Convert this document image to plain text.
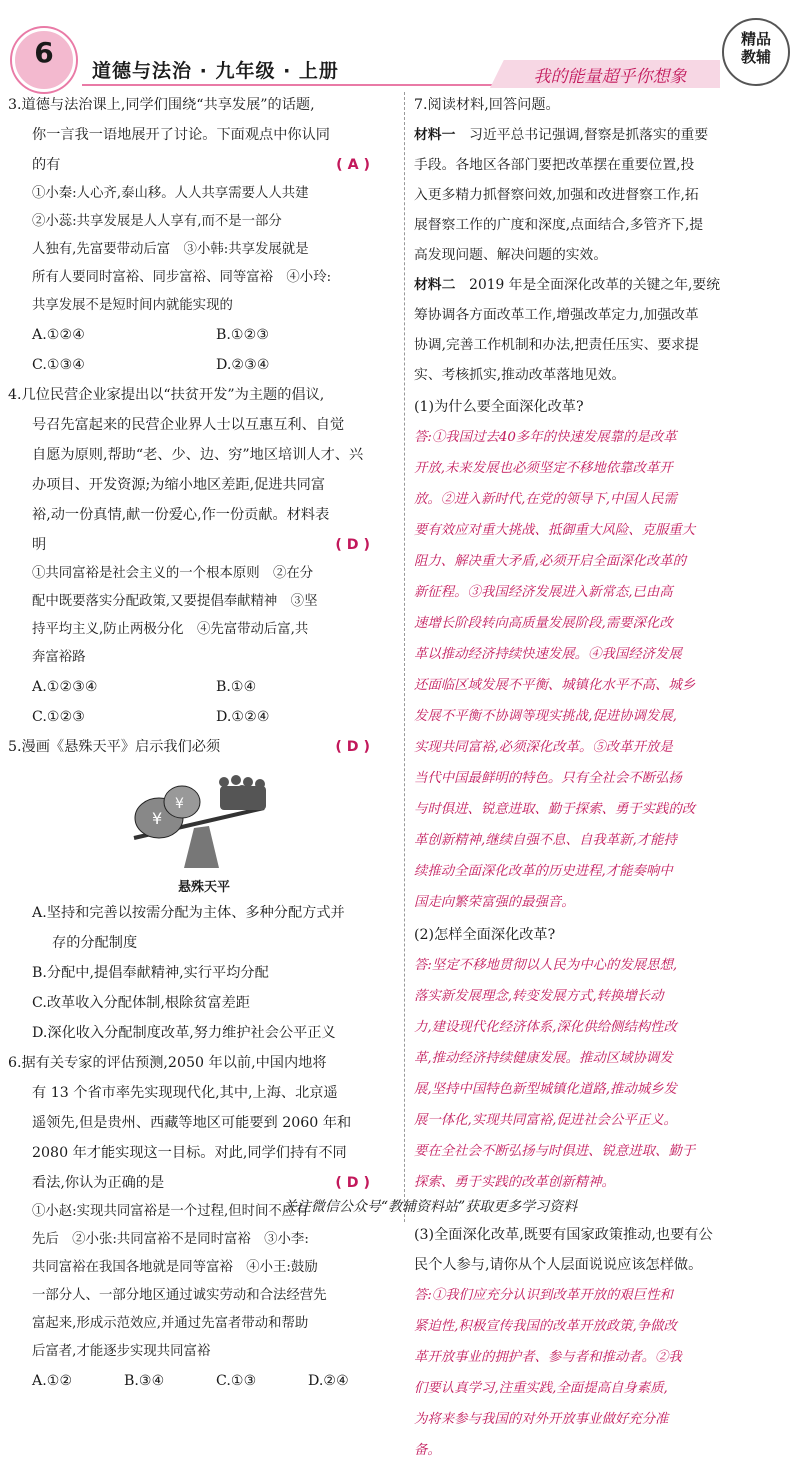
6
道德与法治 · 九年级 · 上册	我的能量超乎你想象
精品
教辅

3.道德与法治课上,同学们围绕“共享发展”的话题,

你一言我一语地展开了讨论。下面观点中你认同

的有	( A )

①小秦:人心齐,泰山移。人人共享需要人人共建

②小蕊:共享发展是人人享有,而不是一部分

人独有,先富要带动后富　③小韩:共享发展就是

所有人要同时富裕、同步富裕、同等富裕　④小玲:

共享发展不是短时间内就能实现的

A.①②④	B.①②③
C.①③④	D.②③④

4.几位民营企业家提出以“扶贫开发”为主题的倡议,

号召先富起来的民营企业界人士以互惠互利、自觉

自愿为原则,帮助“老、少、边、穷”地区培训人才、兴

办项目、开发资源;为缩小地区差距,促进共同富

裕,动一份真情,献一份爱心,作一份贡献。材料表

明	( D )

①共同富裕是社会主义的一个根本原则　②在分

配中既要落实分配政策,又要提倡奉献精神　③坚

持平均主义,防止两极分化　④先富带动后富,共

奔富裕路

A.①②③④	B.①④
C.①②③	D.①②④

5.漫画《悬殊天平》启示我们必须	( D )

¥
¥
悬殊天平

A.坚持和完善以按需分配为主体、多种分配方式并

存的分配制度

B.分配中,提倡奉献精神,实行平均分配

C.改革收入分配体制,根除贫富差距

D.深化收入分配制度改革,努力维护社会公平正义

6.据有关专家的评估预测,2050 年以前,中国内地将

有 13 个省市率先实现现代化,其中,上海、北京遥

遥领先,但是贵州、西藏等地区可能要到 2060 年和

2080 年才能实现这一目标。对此,同学们持有不同

看法,你认为正确的是	( D )

①小赵:实现共同富裕是一个过程,但时间不应有

先后　②小张:共同富裕不是同时富裕　③小李:

共同富裕在我国各地就是同等富裕　④小王:鼓励

一部分人、一部分地区通过诚实劳动和合法经营先

富起来,形成示范效应,并通过先富者带动和帮助

后富者,才能逐步实现共同富裕

A.①②	B.③④	C.①③	D.②④

7.阅读材料,回答问题。

材料一　习近平总书记强调,督察是抓落实的重要
手段。各地区各部门要把改革摆在重要位置,投
入更多精力抓督察问效,加强和改进督察工作,拓
展督察工作的广度和深度,点面结合,多管齐下,提
高发现问题、解决问题的实效。
材料二　2019 年是全面深化改革的关键之年,要统
筹协调各方面改革工作,增强改革定力,加强改革
协调,完善工作机制和办法,把责任压实、要求提
实、考核抓实,推动改革落地见效。

(1)为什么要全面深化改革?

答:①我国过去40多年的快速发展靠的是改革
开放,未来发展也必须坚定不移地依靠改革开
放。②进入新时代,在党的领导下,中国人民需
要有效应对重大挑战、抵御重大风险、克服重大
阻力、解决重大矛盾,必须开启全面深化改革的
新征程。③我国经济发展进入新常态,已由高
速增长阶段转向高质量发展阶段,需要深化改
革以推动经济持续快速发展。④我国经济发展
还面临区域发展不平衡、城镇化水平不高、城乡
发展不平衡不协调等现实挑战,促进协调发展,
实现共同富裕,必须深化改革。⑤改革开放是
当代中国最鲜明的特色。只有全社会不断弘扬
与时俱进、锐意进取、勤于探索、勇于实践的改
革创新精神,继续自强不息、自我革新,才能持
续推动全面深化改革的历史进程,才能奏响中
国走向繁荣富强的最强音。

(2)怎样全面深化改革?

答:坚定不移地贯彻以人民为中心的发展思想,
落实新发展理念,转变发展方式,转换增长动
力,建设现代化经济体系,深化供给侧结构性改
革,推动经济持续健康发展。推动区域协调发
展,坚持中国特色新型城镇化道路,推动城乡发
展一体化,实现共同富裕,促进社会公平正义。
要在全社会不断弘扬与时俱进、锐意进取、勤于
探索、勇于实践的改革创新精神。

(3)全面深化改革,既要有国家政策推动,也要有公

民个人参与,请你从个人层面说说应该怎样做。

答:①我们应充分认识到改革开放的艰巨性和
紧迫性,积极宣传我国的改革开放政策,争做改
革开放事业的拥护者、参与者和推动者。②我
们要认真学习,注重实践,全面提高自身素质,
为将来参与我国的对外开放事业做好充分准
备。
关注微信公众号“教辅资料站”获取更多学习资料
